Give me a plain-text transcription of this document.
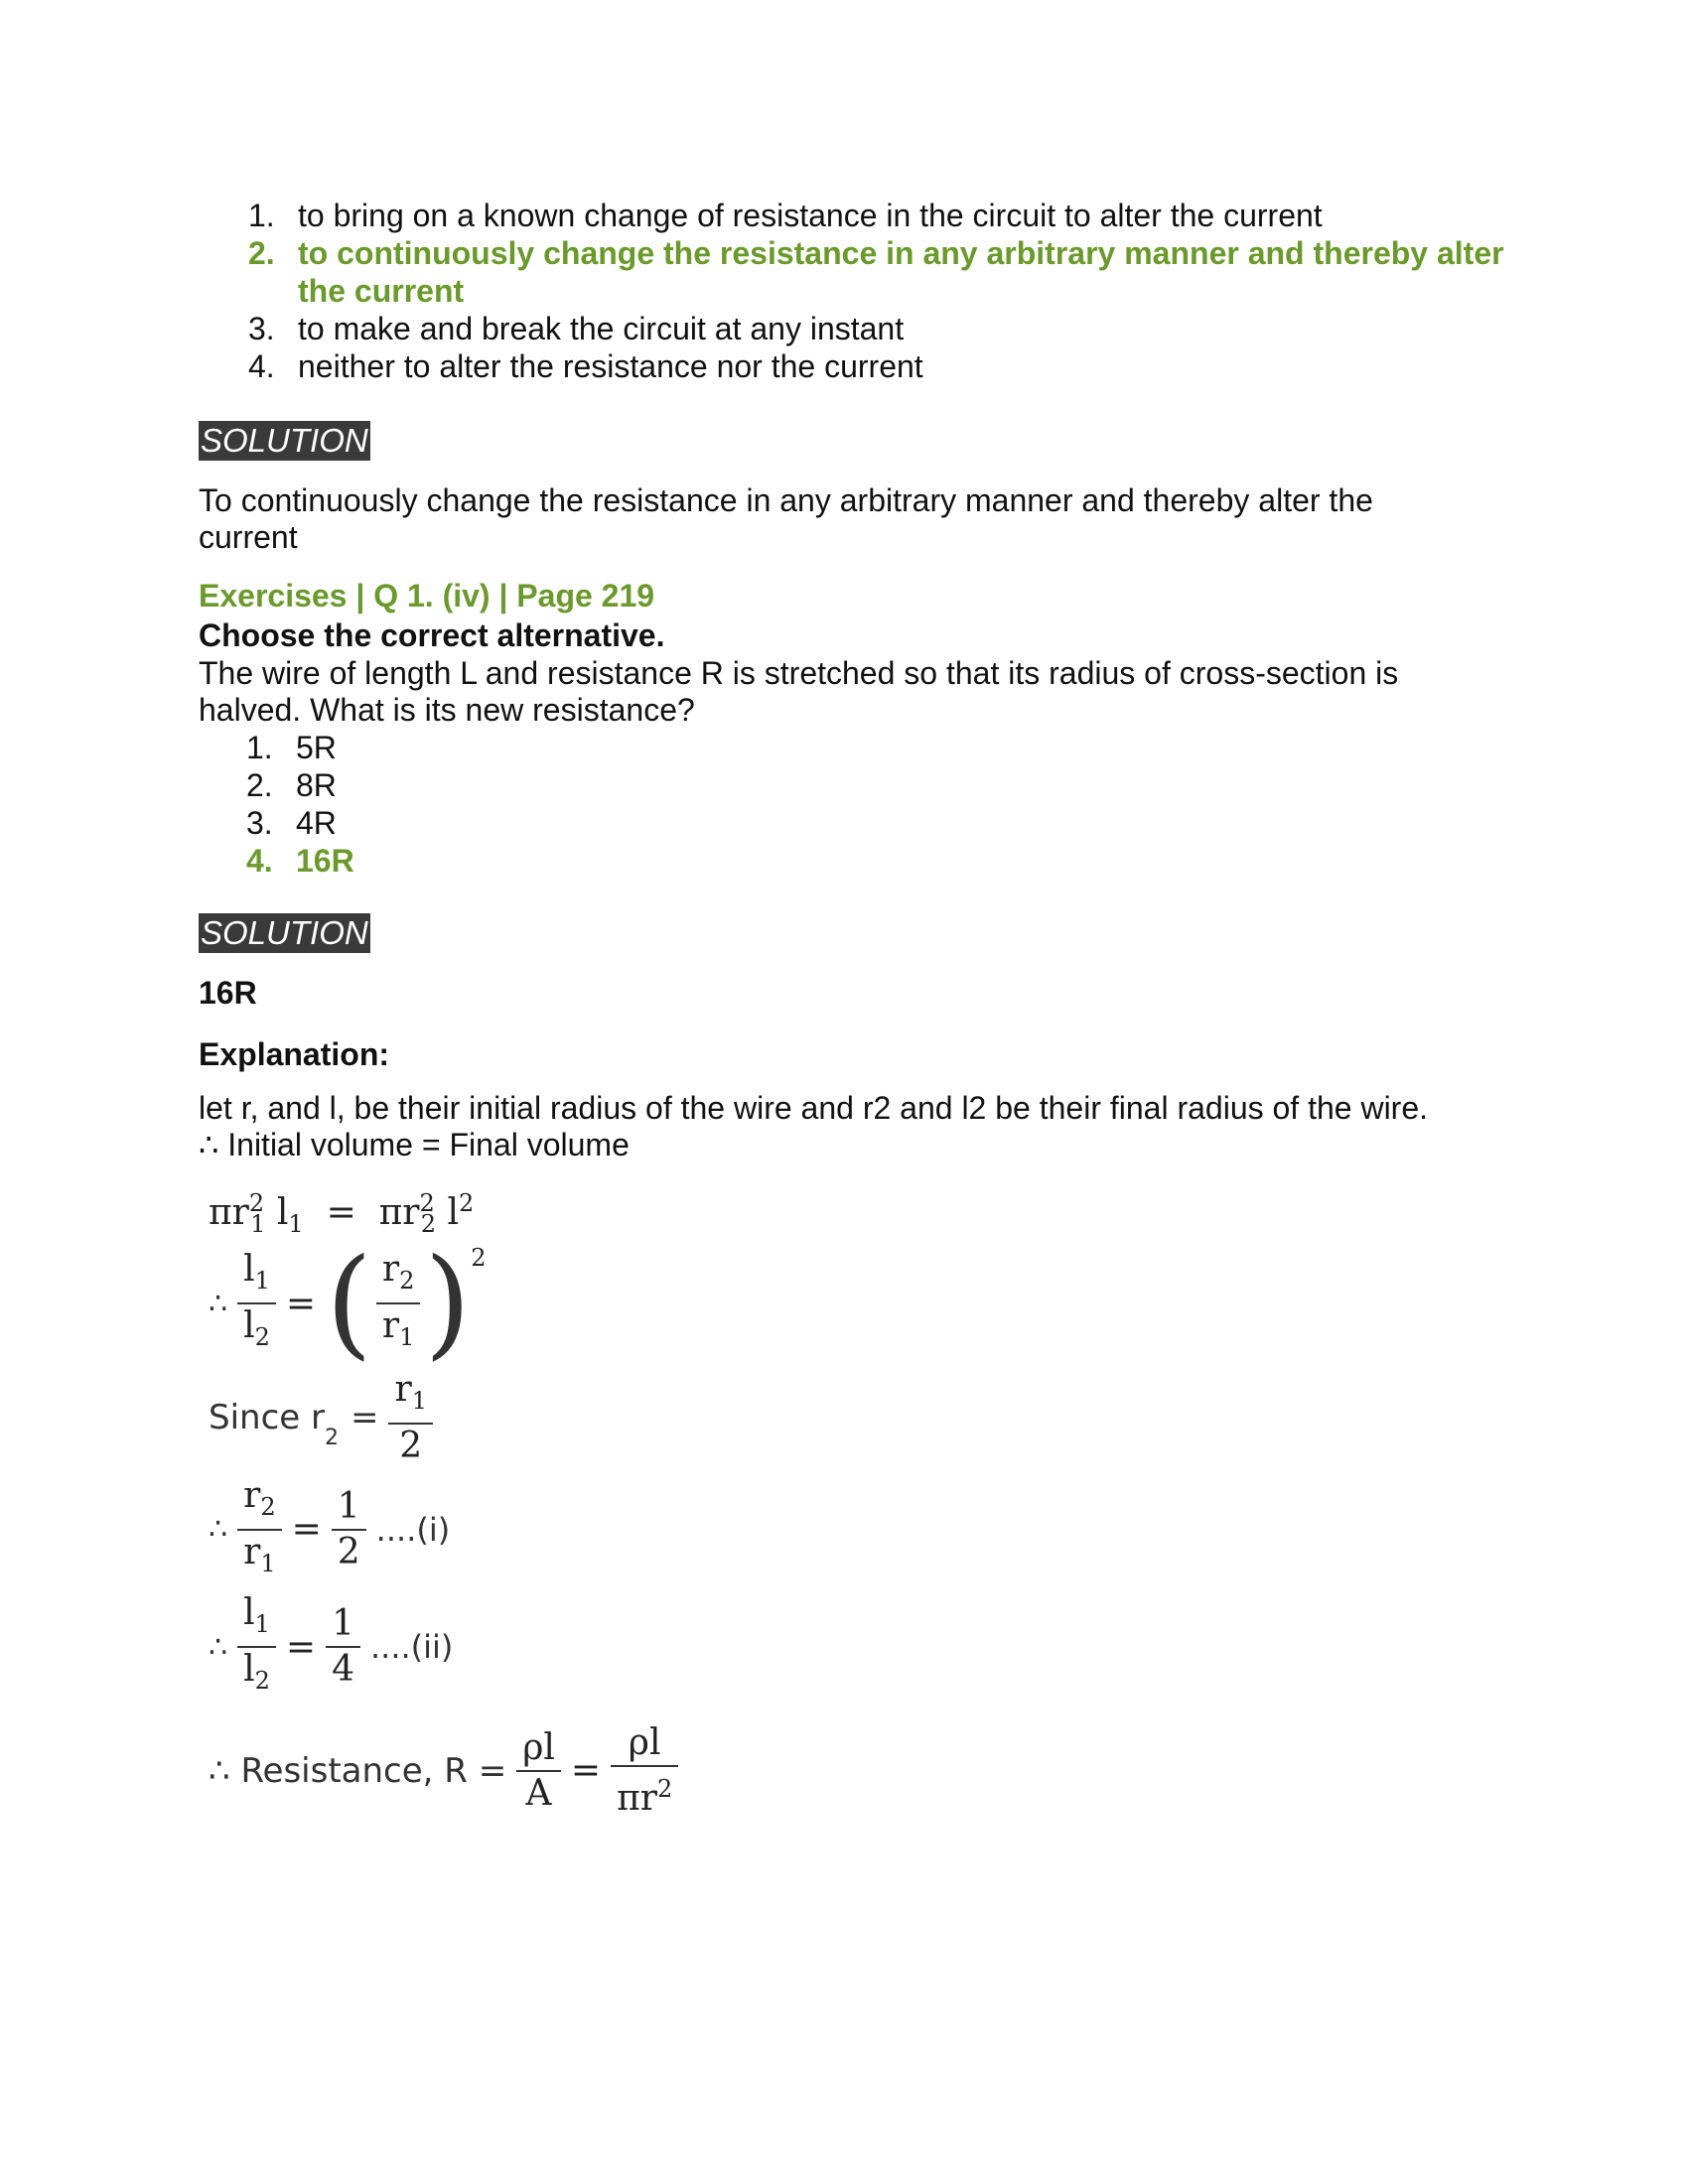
1. to bring on a known change of resistance in the circuit to alter the current
2. to continuously change the resistance in any arbitrary manner and thereby alter the current
3. to make and break the circuit at any instant
4. neither to alter the resistance nor the current
SOLUTION

To continuously change the resistance in any arbitrary manner and thereby alter the current

Exercises | Q 1. (iv) | Page 219

Choose the correct alternative.

The wire of length L and resistance R is stretched so that its radius of cross-section is halved. What is its new resistance?

1. 5R
2. 8R
3. 4R
4. 16R
SOLUTION

16R

Explanation:

let r, and l, be their initial radius of the wire and r2 and l2 be their final radius of the wire.

∴ Initial volume = Final volume

$\pi r^2_1$ $l_1 = \pi r^2_2$ $l^2$
∴ $\frac{l_1}{l_2}$ = ( $\frac{r_2}{r_1}$ ) 2
Since r
2
= $\frac{r_1}{2}$
∴ $\frac{r_2}{r_1} = \frac{1}{2} ....(i)$
∴ $\frac{l_1}{l_2} = \frac{1}{4} ....(ii)$
∴ Resistance, $R = \frac{\rho l}{A} = \frac{\rho l}{\pi r^2}$
